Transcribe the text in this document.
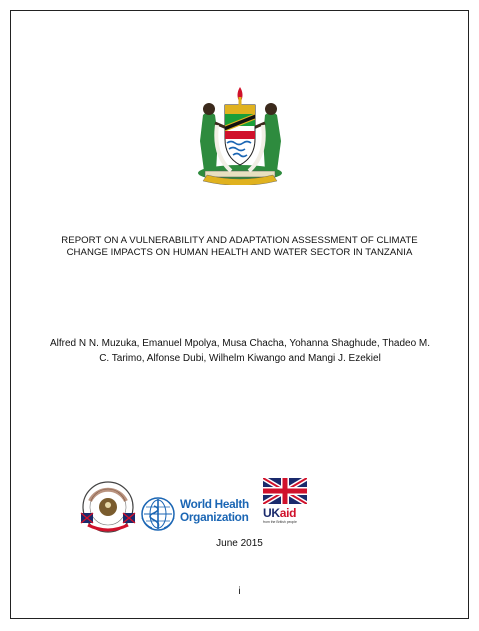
REPORT ON A VULNERABILITY AND ADAPTATION ASSESSMENT OF CLIMATE
CHANGE IMPACTS ON HUMAN HEALTH AND WATER SECTOR IN TANZANIA
Alfred N N. Muzuka, Emanuel Mpolya, Musa Chacha, Yohanna Shaghude, Thadeo M.
C. Tarimo, Alfonse Dubi, Wilhelm Kiwango and Mangi J. Ezekiel
World Health
Organization	UKaid
from the British people
June 2015
i
